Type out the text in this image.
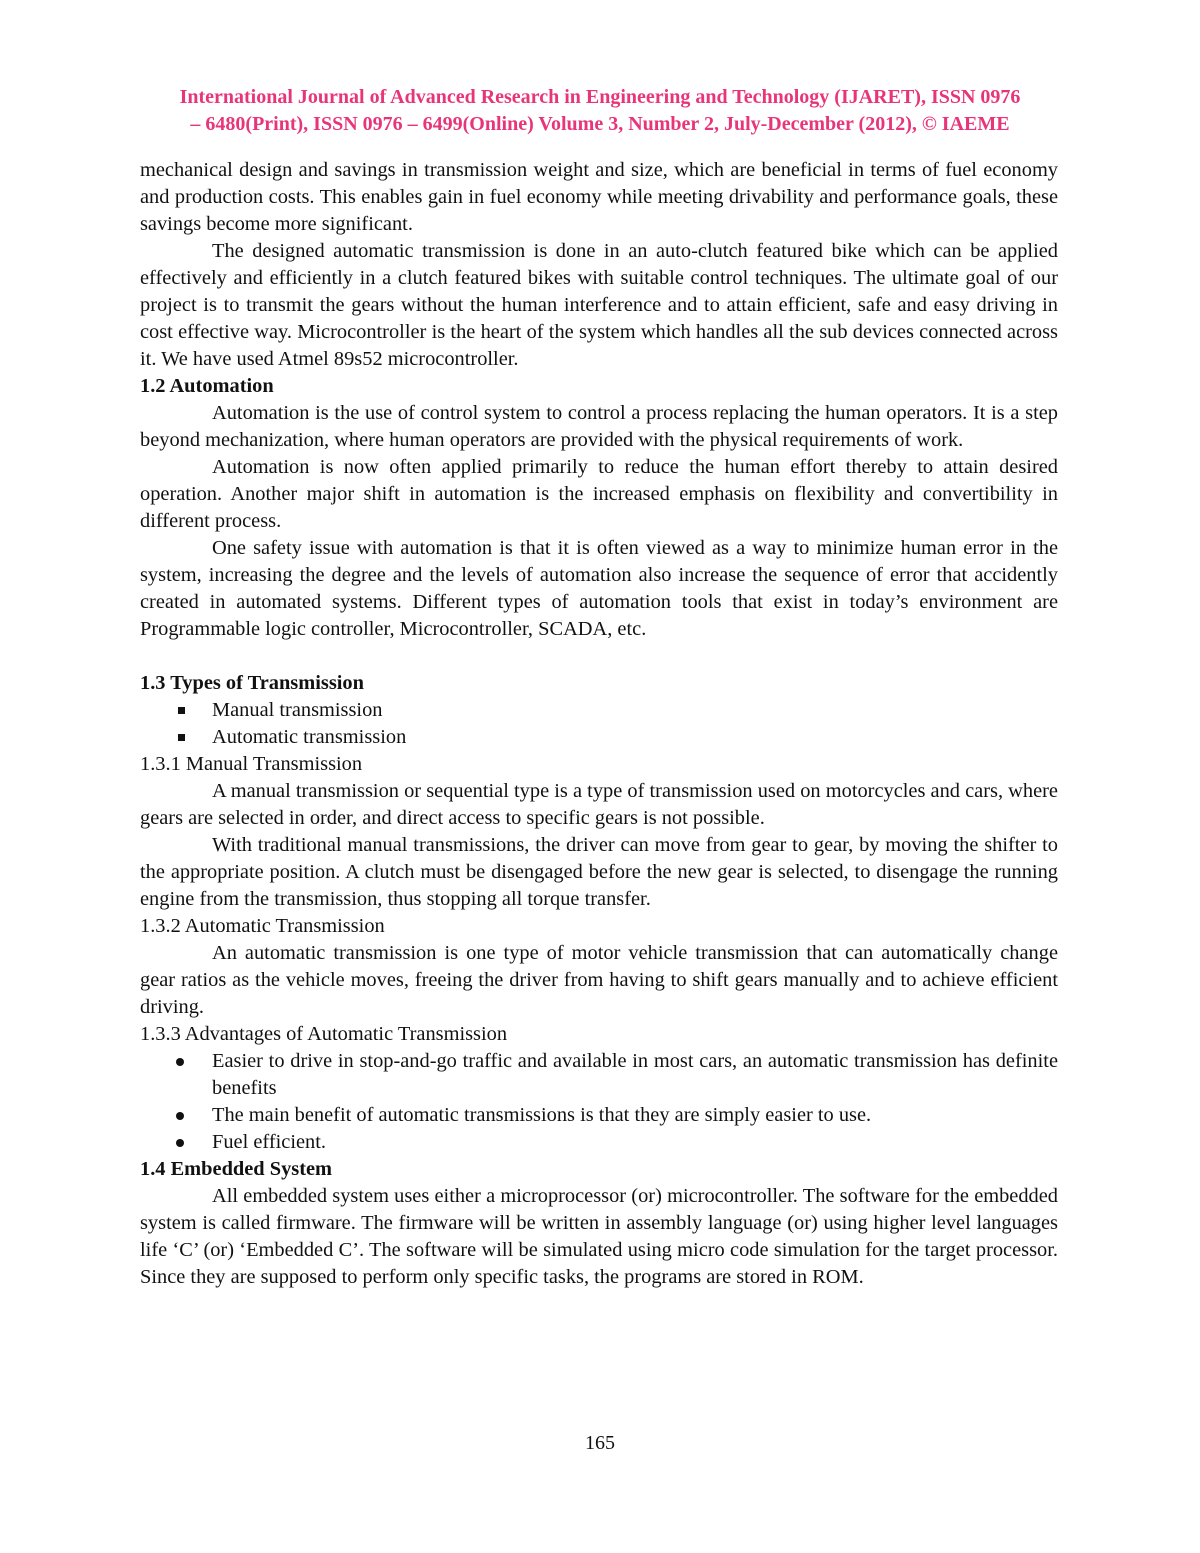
International Journal of Advanced Research in Engineering and Technology (IJARET), ISSN 0976
– 6480(Print), ISSN 0976 – 6499(Online) Volume 3, Number 2, July-December (2012), © IAEME

mechanical design and savings in transmission weight and size, which are beneficial in terms of fuel economy and production costs. This enables gain in fuel economy while meeting drivability and performance goals, these savings become more significant.

The designed automatic transmission is done in an auto-clutch featured bike which can be applied effectively and efficiently in a clutch featured bikes with suitable control techniques. The ultimate goal of our project is to transmit the gears without the human interference and to attain efficient, safe and easy driving in cost effective way. Microcontroller is the heart of the system which handles all the sub devices connected across it. We have used Atmel 89s52 microcontroller.

1.2 Automation

Automation is the use of control system to control a process replacing the human operators. It is a step beyond mechanization, where human operators are provided with the physical requirements of work.

Automation is now often applied primarily to reduce the human effort thereby to attain desired operation. Another major shift in automation is the increased emphasis on flexibility and convertibility in different process.

One safety issue with automation is that it is often viewed as a way to minimize human error in the system, increasing the degree and the levels of automation also increase the sequence of error that accidently created in automated systems. Different types of automation tools that exist in today’s environment are Programmable logic controller, Microcontroller, SCADA, etc.

1.3 Types of Transmission
Manual transmission
Automatic transmission
1.3.1 Manual Transmission

A manual transmission or sequential type is a type of transmission used on motorcycles and cars, where gears are selected in order, and direct access to specific gears is not possible.

With traditional manual transmissions, the driver can move from gear to gear, by moving the shifter to the appropriate position. A clutch must be disengaged before the new gear is selected, to disengage the running engine from the transmission, thus stopping all torque transfer.

1.3.2 Automatic Transmission

An automatic transmission is one type of motor vehicle transmission that can automatically change gear ratios as the vehicle moves, freeing the driver from having to shift gears manually and to achieve efficient driving.

1.3.3 Advantages of Automatic Transmission
Easier to drive in stop-and-go traffic and available in most cars, an automatic transmission has definite benefits
The main benefit of automatic transmissions is that they are simply easier to use.
Fuel efficient.
1.4 Embedded System

All embedded system uses either a microprocessor (or) microcontroller. The software for the embedded system is called firmware. The firmware will be written in assembly language (or) using higher level languages life ‘C’ (or) ‘Embedded C’. The software will be simulated using micro code simulation for the target processor. Since they are supposed to perform only specific tasks, the programs are stored in ROM.

165
